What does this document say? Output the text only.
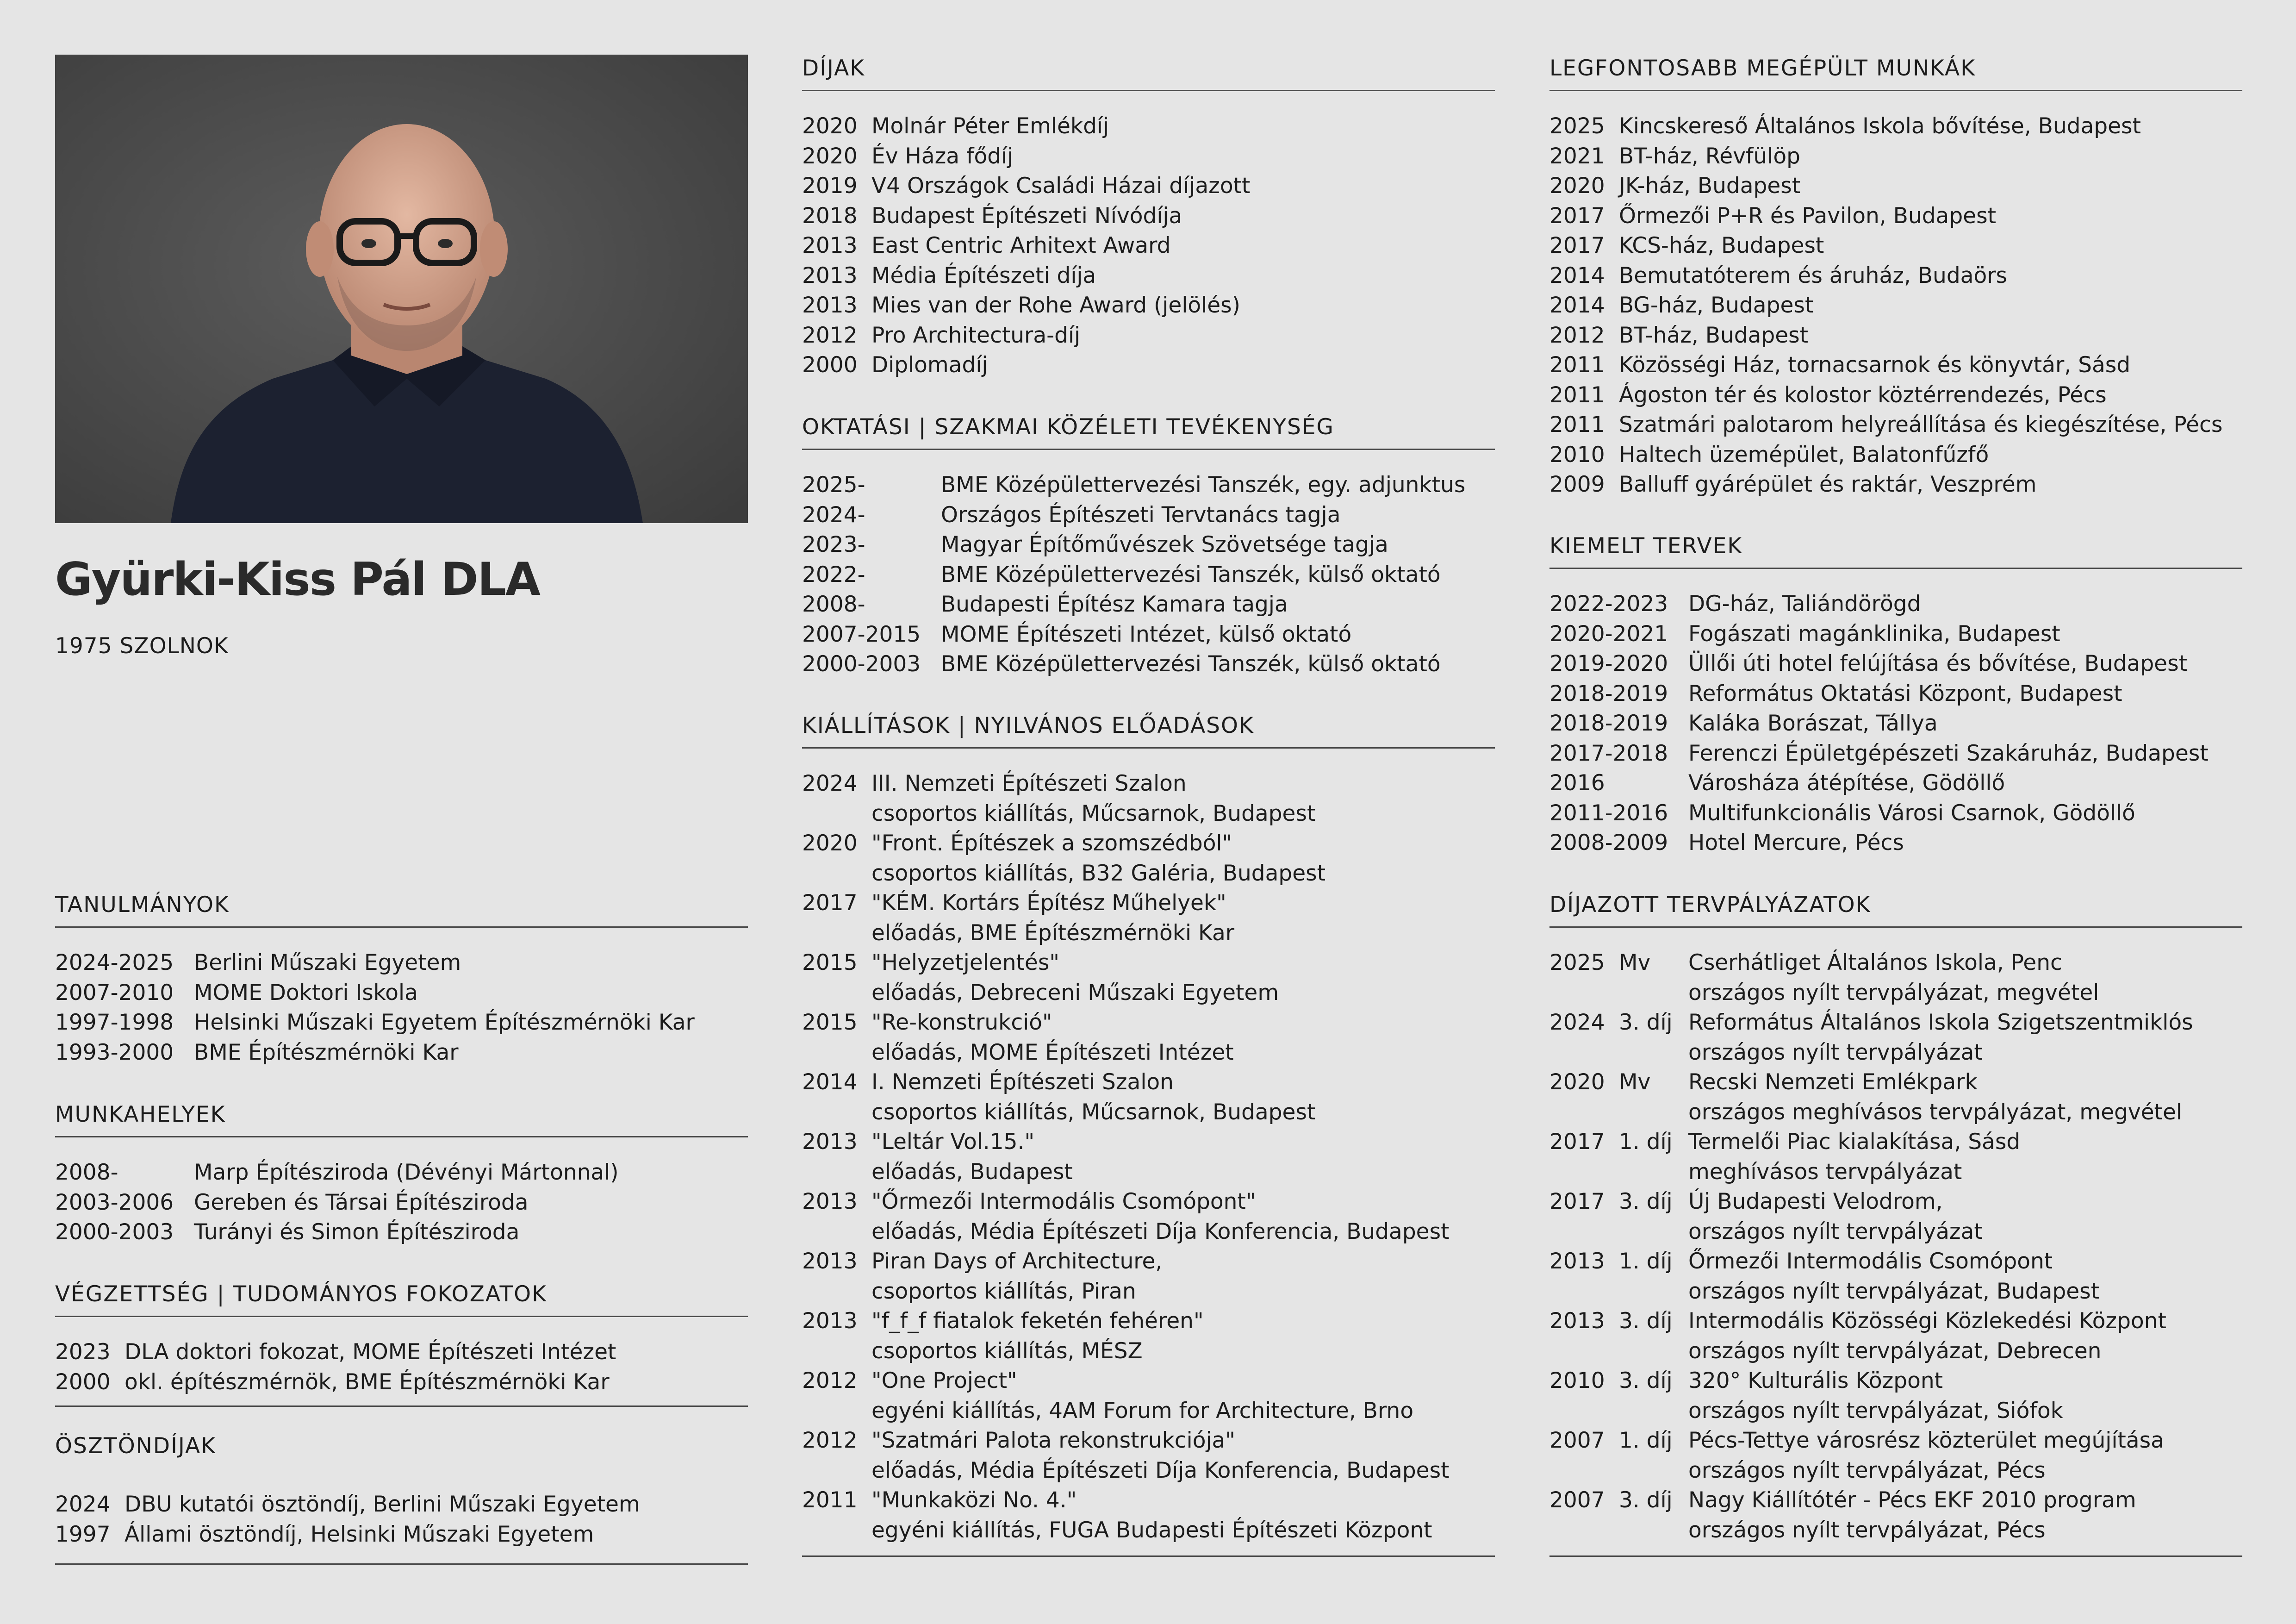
Gyürki-Kiss Pál DLA

1975 SZOLNOK

TANULMÁNYOK
2024-2025 Berlini Műszaki Egyetem
2007-2010 MOME Doktori Iskola
1997-1998 Helsinki Műszaki Egyetem Építészmérnöki Kar
1993-2000 BME Építészmérnöki Kar
MUNKAHELYEK
2008-	Marp Építésziroda (Dévényi Mártonnal)
2003-2006 Gereben és Társai Építésziroda
2000-2003 Turányi és Simon Építésziroda
VÉGZETTSÉG | TUDOMÁNYOS FOKOZATOK
2023 DLA doktori fokozat, MOME Építészeti Intézet
2000 okl. építészmérnök, BME Építészmérnöki Kar
ÖSZTÖNDÍJAK
2024 DBU kutatói ösztöndíj, Berlini Műszaki Egyetem
1997 Állami ösztöndíj, Helsinki Műszaki Egyetem
DÍJAK
2020 Molnár Péter Emlékdíj
2020 Év Háza fődíj
2019 V4 Országok Családi Házai díjazott
2018 Budapest Építészeti Nívódíja
2013 East Centric Arhitext Award
2013 Média Építészeti díja
2013 Mies van der Rohe Award (jelölés)
2012 Pro Architectura-díj
2000 Diplomadíj
OKTATÁSI | SZAKMAI KÖZÉLETI TEVÉKENYSÉG
2025-	BME Középülettervezési Tanszék, egy. adjunktus
2024-	Országos Építészeti Tervtanács tagja
2023-	Magyar Építőművészek Szövetsége tagja
2022-	BME Középülettervezési Tanszék, külső oktató
2008-	Budapesti Építész Kamara tagja
2007-2015 MOME Építészeti Intézet, külső oktató
2000-2003 BME Középülettervezési Tanszék, külső oktató
KIÁLLÍTÁSOK | NYILVÁNOS ELŐADÁSOK
2024 III. Nemzeti Építészeti Szalon
csoportos kiállítás, Műcsarnok, Budapest
2020 "Front. Építészek a szomszédból"
csoportos kiállítás, B32 Galéria, Budapest
2017 "KÉM. Kortárs Építész Műhelyek"
előadás, BME Építészmérnöki Kar
2015 "Helyzetjelentés"
előadás, Debreceni Műszaki Egyetem
2015 "Re-konstrukció"
előadás, MOME Építészeti Intézet
2014 I. Nemzeti Építészeti Szalon
csoportos kiállítás, Műcsarnok, Budapest
2013 "Leltár Vol.15."
előadás, Budapest
2013 "Őrmezői Intermodális Csomópont"
előadás, Média Építészeti Díja Konferencia, Budapest
2013 Piran Days of Architecture,
csoportos kiállítás, Piran
2013 "f_f_f fiatalok feketén fehéren"
csoportos kiállítás, MÉSZ
2012 "One Project"
egyéni kiállítás, 4AM Forum for Architecture, Brno
2012 "Szatmári Palota rekonstrukciója"
előadás, Média Építészeti Díja Konferencia, Budapest
2011 "Munkaközi No. 4."
egyéni kiállítás, FUGA Budapesti Építészeti Központ
LEGFONTOSABB MEGÉPÜLT MUNKÁK
2025 Kincskereső Általános Iskola bővítése, Budapest
2021 BT-ház, Révfülöp
2020 JK-ház, Budapest
2017 Őrmezői P+R és Pavilon, Budapest
2017 KCS-ház, Budapest
2014 Bemutatóterem és áruház, Budaörs
2014 BG-ház, Budapest
2012 BT-ház, Budapest
2011 Közösségi Ház, tornacsarnok és könyvtár, Sásd
2011 Ágoston tér és kolostor köztérrendezés, Pécs
2011 Szatmári palotarom helyreállítása és kiegészítése, Pécs
2010 Haltech üzemépület, Balatonfűzfő
2009 Balluff gyárépület és raktár, Veszprém
KIEMELT TERVEK
2022-2023 DG-ház, Taliándörögd
2020-2021 Fogászati magánklinika, Budapest
2019-2020 Üllői úti hotel felújítása és bővítése, Budapest
2018-2019 Református Oktatási Központ, Budapest
2018-2019 Kaláka Borászat, Tállya
2017-2018 Ferenczi Épületgépészeti Szakáruház, Budapest
2016	Városháza átépítése, Gödöllő
2011-2016 Multifunkcionális Városi Csarnok, Gödöllő
2008-2009 Hotel Mercure, Pécs
DÍJAZOTT TERVPÁLYÁZATOK
2025 Mv	Cserhátliget Általános Iskola, Penc
országos nyílt tervpályázat, megvétel
2024 3. díj Református Általános Iskola Szigetszentmiklós
országos nyílt tervpályázat
2020 Mv	Recski Nemzeti Emlékpark
országos meghívásos tervpályázat, megvétel
2017 1. díj Termelői Piac kialakítása, Sásd
meghívásos tervpályázat
2017 3. díj Új Budapesti Velodrom,
országos nyílt tervpályázat
2013 1. díj Őrmezői Intermodális Csomópont
országos nyílt tervpályázat, Budapest
2013 3. díj Intermodális Közösségi Közlekedési Központ
országos nyílt tervpályázat, Debrecen
2010 3. díj 320° Kulturális Központ
országos nyílt tervpályázat, Siófok
2007 1. díj Pécs-Tettye városrész közterület megújítása
országos nyílt tervpályázat, Pécs
2007 3. díj Nagy Kiállítótér - Pécs EKF 2010 program
országos nyílt tervpályázat, Pécs
